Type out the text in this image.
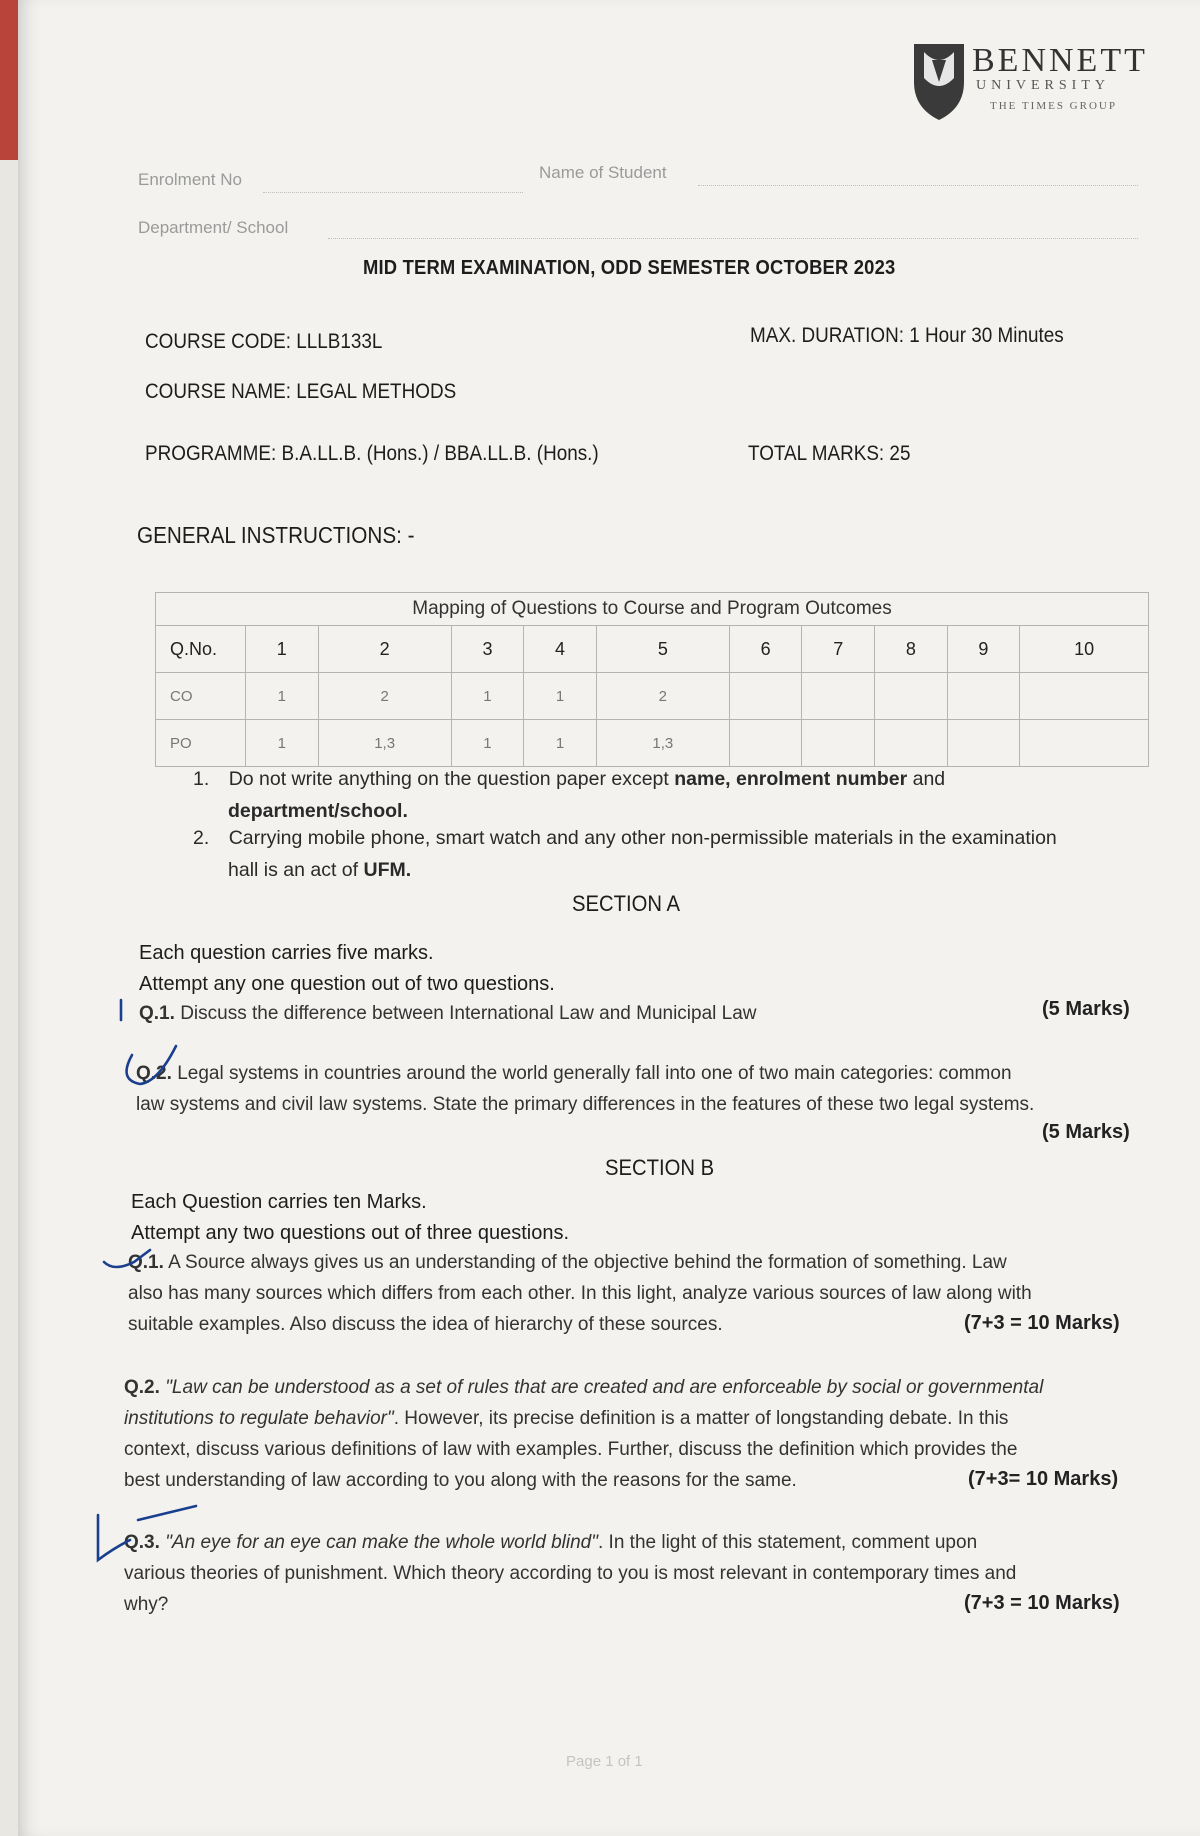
BENNETT
UNIVERSITY
THE TIMES GROUP
Enrolment No	Name of Student
Department/ School
MID TERM EXAMINATION, ODD SEMESTER OCTOBER 2023
COURSE CODE: LLLB133L	MAX. DURATION: 1 Hour 30 Minutes
COURSE NAME: LEGAL METHODS
PROGRAMME: B.A.LL.B. (Hons.) / BBA.LL.B. (Hons.)	TOTAL MARKS: 25
GENERAL INSTRUCTIONS: -
Mapping of Questions to Course and Program Outcomes										
Q.No.	1	2	3	4	5	6	7	8	9	10
CO	1	2	1	1	2					
PO	1	1,3	1	1	1,3					
1. Do not write anything on the question paper except name, enrolment number and
department/school.
2. Carrying mobile phone, smart watch and any other non-permissible materials in the examination
hall is an act of UFM.
SECTION A
Each question carries five marks.
Attempt any one question out of two questions.
Q.1. Discuss the difference between International Law and Municipal Law	(5 Marks)
Q.2. Legal systems in countries around the world generally fall into one of two main categories: common
law systems and civil law systems. State the primary differences in the features of these two legal systems.
(5 Marks)
SECTION B
Each Question carries ten Marks.
Attempt any two questions out of three questions.
Q.1. A Source always gives us an understanding of the objective behind the formation of something. Law
also has many sources which differs from each other. In this light, analyze various sources of law along with
suitable examples. Also discuss the idea of hierarchy of these sources.	(7+3 = 10 Marks)
Q.2. "Law can be understood as a set of rules that are created and are enforceable by social or governmental
institutions to regulate behavior". However, its precise definition is a matter of longstanding debate. In this
context, discuss various definitions of law with examples. Further, discuss the definition which provides the
best understanding of law according to you along with the reasons for the same.	(7+3= 10 Marks)
Q.3. "An eye for an eye can make the whole world blind". In the light of this statement, comment upon
various theories of punishment. Which theory according to you is most relevant in contemporary times and
why?	(7+3 = 10 Marks)
Page 1 of 1
